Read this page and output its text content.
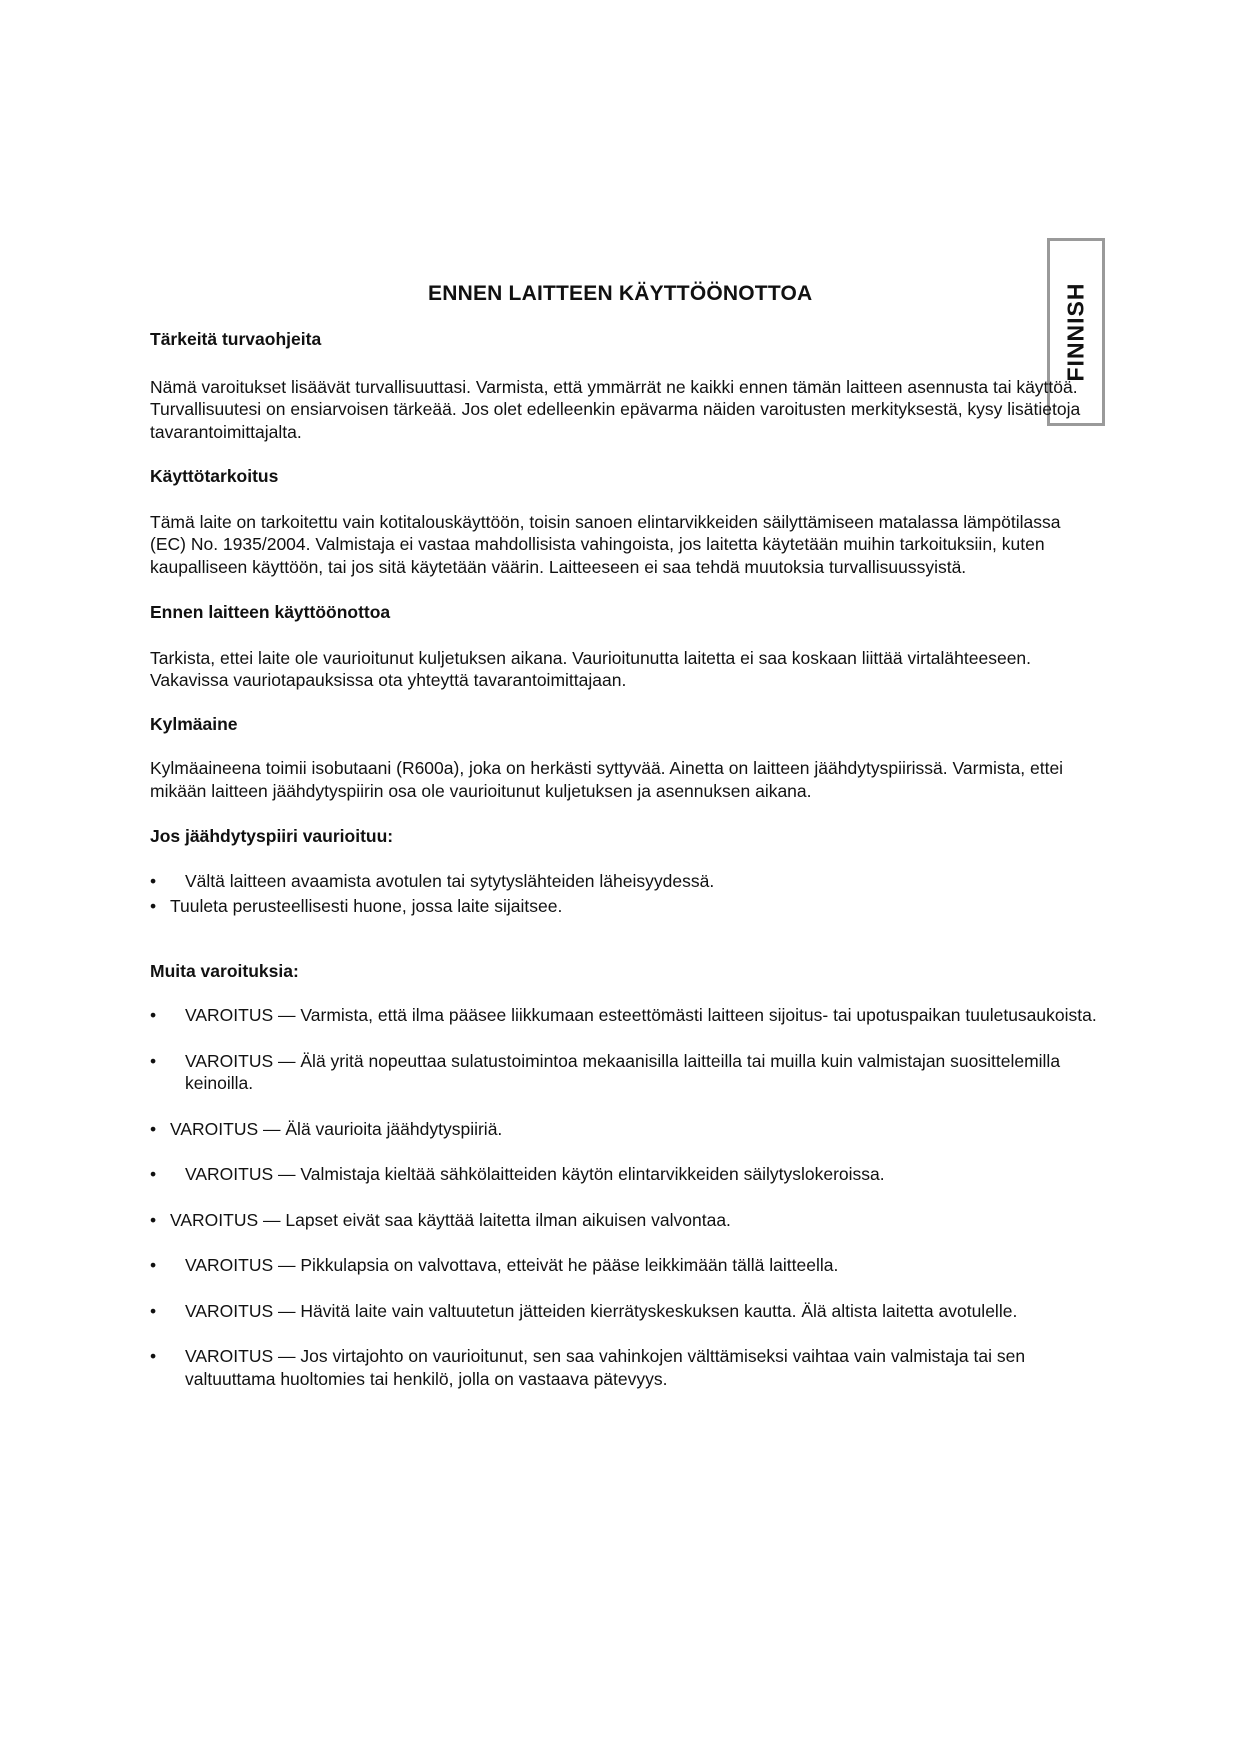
ENNEN LAITTEEN KÄYTTÖÖNOTTOA	FINNISH

Tärkeitä turvaohjeita

Nämä varoitukset lisäävät turvallisuuttasi. Varmista, että ymmärrät ne kaikki ennen tämän laitteen asennusta tai käyttöä. Turvallisuutesi on ensiarvoisen tärkeää. Jos olet edelleenkin epävarma näiden varoitusten merkityksestä, kysy lisätietoja tavarantoimittajalta.

Käyttötarkoitus

Tämä laite on tarkoitettu vain kotitalouskäyttöön, toisin sanoen elintarvikkeiden säilyttämiseen matalassa lämpötilassa (EC) No. 1935/2004. Valmistaja ei vastaa mahdollisista vahingoista, jos laitetta käytetään muihin tarkoituksiin, kuten kaupalliseen käyttöön, tai jos sitä käytetään väärin. Laitteeseen ei saa tehdä muutoksia turvallisuussyistä.

Ennen laitteen käyttöönottoa

Tarkista, ettei laite ole vaurioitunut kuljetuksen aikana. Vaurioitunutta laitetta ei saa koskaan liittää virtalähteeseen. Vakavissa vauriotapauksissa ota yhteyttä tavarantoimittajaan.

Kylmäaine

Kylmäaineena toimii isobutaani (R600a), joka on herkästi syttyvää. Ainetta on laitteen jäähdytyspiirissä. Varmista, ettei mikään laitteen jäähdytyspiirin osa ole vaurioitunut kuljetuksen ja asennuksen aikana.

Jos jäähdytyspiiri vaurioituu:

• Vältä laitteen avaamista avotulen tai sytytyslähteiden läheisyydessä.

• Tuuleta perusteellisesti huone, jossa laite sijaitsee.

Muita varoituksia:

• VAROITUS — Varmista, että ilma pääsee liikkumaan esteettömästi laitteen sijoitus- tai upotuspaikan tuuletusaukoista.

• VAROITUS — Älä yritä nopeuttaa sulatustoimintoa mekaanisilla laitteilla tai muilla kuin valmistajan suosittelemilla keinoilla.

• VAROITUS — Älä vaurioita jäähdytyspiiriä.

• VAROITUS — Valmistaja kieltää sähkölaitteiden käytön elintarvikkeiden säilytyslokeroissa.

• VAROITUS — Lapset eivät saa käyttää laitetta ilman aikuisen valvontaa.

• VAROITUS — Pikkulapsia on valvottava, etteivät he pääse leikkimään tällä laitteella.

• VAROITUS — Hävitä laite vain valtuutetun jätteiden kierrätyskeskuksen kautta. Älä altista laitetta avotulelle.

• VAROITUS — Jos virtajohto on vaurioitunut, sen saa vahinkojen välttämiseksi vaihtaa vain valmistaja tai sen valtuuttama huoltomies tai henkilö, jolla on vastaava pätevyys.
